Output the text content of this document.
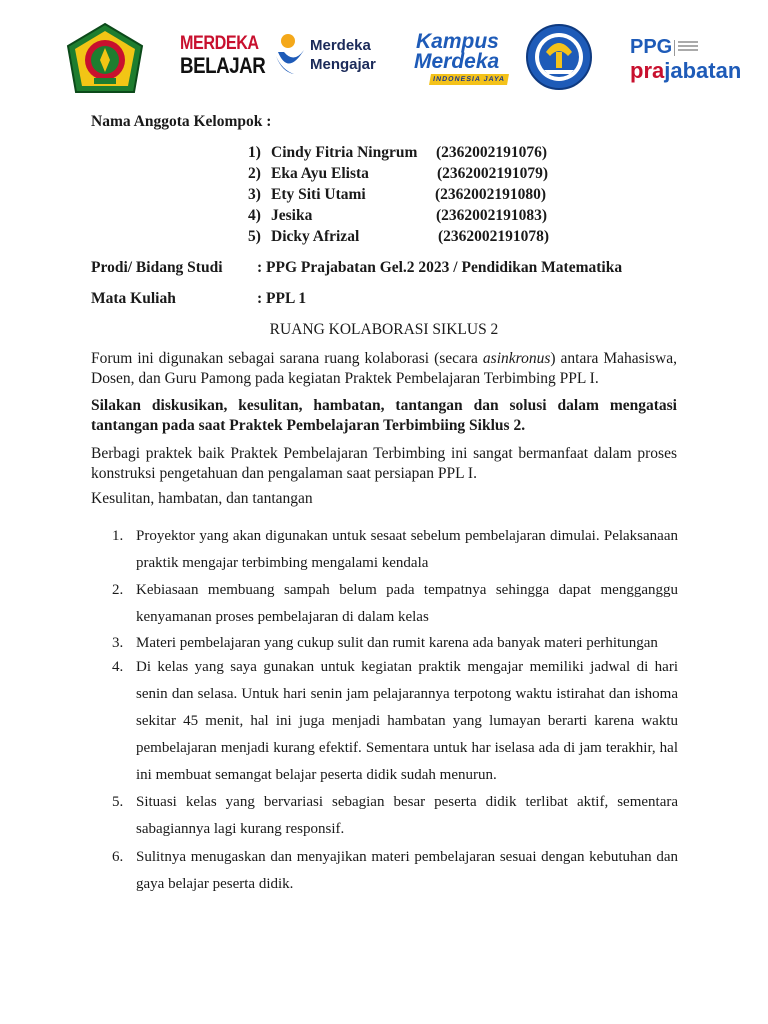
MERDEKA
BELAJAR
Merdeka
Mengajar
Kampus
Merdeka
INDONESIA JAYA
PPG
prajabatan
Nama Anggota Kelompok :
1) Cindy Fitria Ningrum (2362002191076)
2) Eka Ayu Elista	(2362002191079)
3) Ety Siti Utami	(2362002191080)
4) Jesika	(2362002191083)
5) Dicky Afrizal	(2362002191078)
Prodi/ Bidang Studi : PPG Prajabatan Gel.2 2023 / Pendidikan Matematika
Mata Kuliah	: PPL 1
RUANG KOLABORASI SIKLUS 2
Forum ini digunakan sebagai sarana ruang kolaborasi (secara asinkronus) antara Mahasiswa, Dosen, dan Guru Pamong pada kegiatan Praktek Pembelajaran Terbimbing PPL I.
Silakan diskusikan, kesulitan, hambatan, tantangan dan solusi dalam mengatasi tantangan pada saat Praktek Pembelajaran Terbimbiing Siklus 2.
Berbagi praktek baik Praktek Pembelajaran Terbimbing ini sangat bermanfaat dalam proses konstruksi pengetahuan dan pengalaman saat persiapan PPL I.
Kesulitan, hambatan, dan tantangan
1. Proyektor yang akan digunakan untuk sesaat sebelum pembelajaran dimulai. Pelaksanaan praktik mengajar terbimbing mengalami kendala
2. Kebiasaan membuang sampah belum pada tempatnya sehingga dapat mengganggu kenyamanan proses pembelajaran di dalam kelas
3. Materi pembelajaran yang cukup sulit dan rumit karena ada banyak materi perhitungan
4. Di kelas yang saya gunakan untuk kegiatan praktik mengajar memiliki jadwal di hari senin dan selasa. Untuk hari senin jam pelajarannya terpotong waktu istirahat dan ishoma sekitar 45 menit, hal ini juga menjadi hambatan yang lumayan berarti karena waktu pembelajaran menjadi kurang efektif. Sementara untuk har iselasa ada di jam terakhir, hal ini membuat semangat belajar peserta didik sudah menurun.
5. Situasi kelas yang bervariasi sebagian besar peserta didik terlibat aktif, sementara sabagiannya lagi kurang responsif.
6. Sulitnya menugaskan dan menyajikan materi pembelajaran sesuai dengan kebutuhan dan gaya belajar peserta didik.
